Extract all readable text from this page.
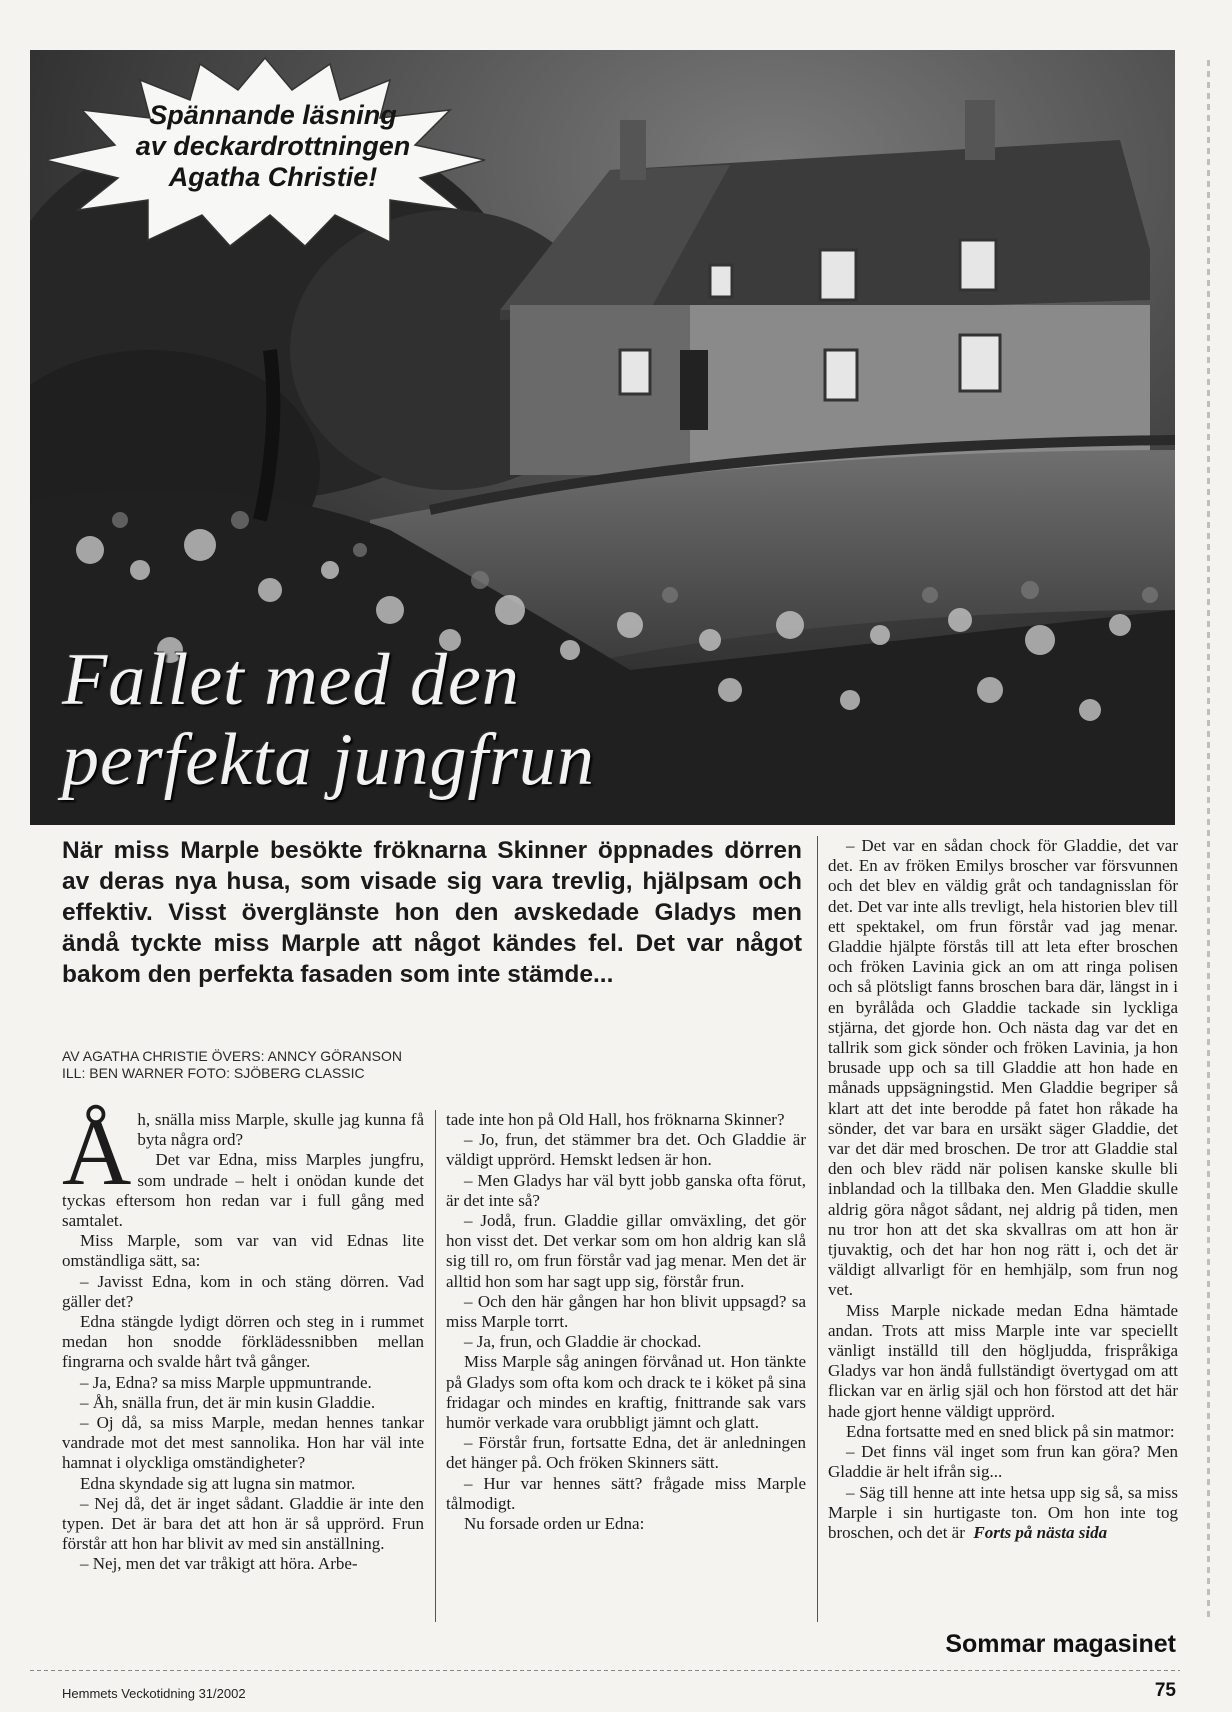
Spännande läsning
av deckardrottningen
Agatha Christie!
Fallet med den
perfekta jungfrun
När miss Marple besökte fröknarna Skinner öppnades dörren av deras nya husa, som visade sig vara trevlig, hjälpsam och effektiv. Visst överglänste hon den avskedade Gladys men ändå tyckte miss Marple att något kändes fel. Det var något bakom den perfekta fasaden som inte stämde...
AV AGATHA CHRISTIE ÖVERS: ANNCY GÖRANSON
ILL: BEN WARNER FOTO: SJÖBERG CLASSIC
Å h, snälla miss Marple, skulle jag kunna få byta några ord?

Det var Edna, miss Marples jungfru, som undrade – helt i onödan kunde det tyckas eftersom hon redan var i full gång med samtalet.

Miss Marple, som var van vid Ednas lite omständliga sätt, sa:

– Javisst Edna, kom in och stäng dörren. Vad gäller det?

Edna stängde lydigt dörren och steg in i rummet medan hon snodde förklädessnibben mellan fingrarna och svalde hårt två gånger.

– Ja, Edna? sa miss Marple uppmuntrande.

– Åh, snälla frun, det är min kusin Gladdie.

– Oj då, sa miss Marple, medan hennes tankar vandrade mot det mest sannolika. Hon har väl inte hamnat i olyckliga omständigheter?

Edna skyndade sig att lugna sin matmor.

– Nej då, det är inget sådant. Gladdie är inte den typen. Det är bara det att hon är så upprörd. Frun förstår att hon har blivit av med sin anställning.

– Nej, men det var tråkigt att höra. Arbe-

tade inte hon på Old Hall, hos fröknarna Skinner?

– Jo, frun, det stämmer bra det. Och Gladdie är väldigt upprörd. Hemskt ledsen är hon.

– Men Gladys har väl bytt jobb ganska ofta förut, är det inte så?

– Jodå, frun. Gladdie gillar omväxling, det gör hon visst det. Det verkar som om hon aldrig kan slå sig till ro, om frun förstår vad jag menar. Men det är alltid hon som har sagt upp sig, förstår frun.

– Och den här gången har hon blivit uppsagd? sa miss Marple torrt.

– Ja, frun, och Gladdie är chockad.

Miss Marple såg aningen förvånad ut. Hon tänkte på Gladys som ofta kom och drack te i köket på sina fridagar och mindes en kraftig, fnittrande sak vars humör verkade vara orubbligt jämnt och glatt.

– Förstår frun, fortsatte Edna, det är anledningen det hänger på. Och fröken Skinners sätt.

– Hur var hennes sätt? frågade miss Marple tålmodigt.

Nu forsade orden ur Edna:

– Det var en sådan chock för Gladdie, det var det. En av fröken Emilys broscher var försvunnen och det blev en väldig gråt och tandagnisslan för det. Det var inte alls trevligt, hela historien blev till ett spektakel, om frun förstår vad jag menar. Gladdie hjälpte förstås till att leta efter broschen och fröken Lavinia gick an om att ringa polisen och så plötsligt fanns broschen bara där, längst in i en byrålåda och Gladdie tackade sin lyckliga stjärna, det gjorde hon. Och nästa dag var det en tallrik som gick sönder och fröken Lavinia, ja hon brusade upp och sa till Gladdie att hon hade en månads uppsägningstid. Men Gladdie begriper så klart att det inte berodde på fatet hon råkade ha sönder, det var bara en ursäkt säger Gladdie, det var det där med broschen. De tror att Gladdie stal den och blev rädd när polisen kanske skulle bli inblandad och la tillbaka den. Men Gladdie skulle aldrig göra något sådant, nej aldrig på tiden, men nu tror hon att det ska skvallras om att hon är tjuvaktig, och det har hon nog rätt i, och det är väldigt allvarligt för en hemhjälp, som frun nog vet.

Miss Marple nickade medan Edna hämtade andan. Trots att miss Marple inte var speciellt vänligt inställd till den högljudda, frispråkiga Gladys var hon ändå fullständigt övertygad om att flickan var en ärlig själ och hon förstod att det här hade gjort henne väldigt upprörd.

Edna fortsatte med en sned blick på sin matmor:

– Det finns väl inget som frun kan göra? Men Gladdie är helt ifrån sig...

– Säg till henne att inte hetsa upp sig så, sa miss Marple i sin hurtigaste ton. Om hon inte tog broschen, och det är Forts på nästa sida

Sommar magasinet
Hemmets Veckotidning 31/2002	75
